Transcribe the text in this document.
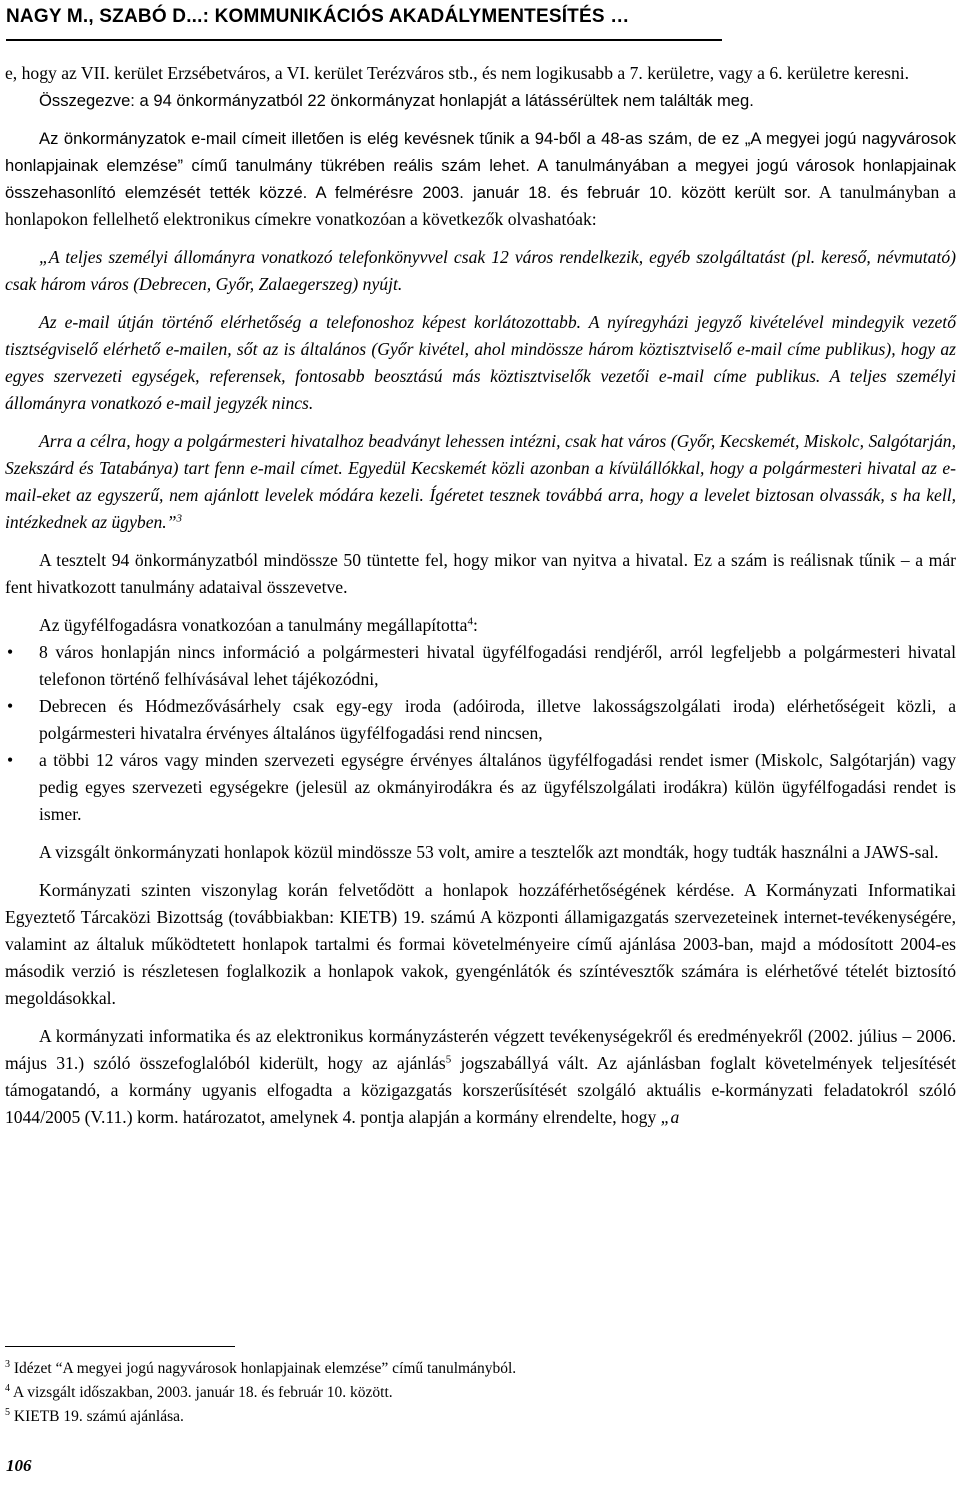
NAGY M., SZABÓ D...: KOMMUNIKÁCIÓS AKADÁLYMENTESÍTÉS …

e, hogy az VII. kerület Erzsébetváros, a VI. kerület Terézváros stb., és nem logikusabb a 7. kerületre, vagy a 6. kerületre keresni.

Összegezve: a 94 önkormányzatból 22 önkormányzat honlapját a látássérültek nem találták meg.

Az önkormányzatok e-mail címeit illetően is elég kevésnek tűnik a 94-ből a 48-as szám, de ez „A megyei jogú nagyvárosok honlapjainak elemzése” című tanulmány tükrében reális szám lehet. A tanulmányában a megyei jogú városok honlapjainak összehasonlító elemzését tették közzé. A felmérésre 2003. január 18. és február 10. között került sor. A tanulmányban a honlapokon fellelhető elektronikus címekre vonatkozóan a következők olvashatóak:

„A teljes személyi állományra vonatkozó telefonkönyvvel csak 12 város rendelkezik, egyéb szolgáltatást (pl. kereső, névmutató) csak három város (Debrecen, Győr, Zalaegerszeg) nyújt.

Az e-mail útján történő elérhetőség a telefonoshoz képest korlátozottabb. A nyíregyházi jegyző kivételével mindegyik vezető tisztségviselő elérhető e-mailen, sőt az is általános (Győr kivétel, ahol mindössze három köztisztviselő e-mail címe publikus), hogy az egyes szervezeti egységek, referensek, fontosabb beosztású más köztisztviselők vezetői e-mail címe publikus. A teljes személyi állományra vonatkozó e-mail jegyzék nincs.

Arra a célra, hogy a polgármesteri hivatalhoz beadványt lehessen intézni, csak hat város (Győr, Kecskemét, Miskolc, Salgótarján, Szekszárd és Tatabánya) tart fenn e-mail címet. Egyedül Kecskemét közli azonban a kívülállókkal, hogy a polgármesteri hivatal az e-mail-eket az egyszerű, nem ajánlott levelek módára kezeli. Ígéretet tesznek továbbá arra, hogy a levelet biztosan olvassák, s ha kell, intézkednek az ügyben.”$^3$

A tesztelt 94 önkormányzatból mindössze 50 tüntette fel, hogy mikor van nyitva a hivatal. Ez a szám is reálisnak tűnik – a már fent hivatkozott tanulmány adataival összevetve.

Az ügyfélfogadásra vonatkozóan a tanulmány megállapította$^4$:

• 8 város honlapján nincs információ a polgármesteri hivatal ügyfélfogadási rendjéről, arról legfeljebb a polgármesteri hivatal telefonon történő felhívásával lehet tájékozódni,
• Debrecen és Hódmezővásárhely csak egy-egy iroda (adóiroda, illetve lakosságszolgálati iroda) elérhetőségeit közli, a polgármesteri hivatalra érvényes általános ügyfélfogadási rend nincsen,
• a többi 12 város vagy minden szervezeti egységre érvényes általános ügyfélfogadási rendet ismer (Miskolc, Salgótarján) vagy pedig egyes szervezeti egységekre (jelesül az okmányirodákra és az ügyfélszolgálati irodákra) külön ügyfélfogadási rendet is ismer.

A vizsgált önkormányzati honlapok közül mindössze 53 volt, amire a tesztelők azt mondták, hogy tudták használni a JAWS-sal.

Kormányzati szinten viszonylag korán felvetődött a honlapok hozzáférhetőségének kérdése. A Kormányzati Informatikai Egyeztető Tárcaközi Bizottság (továbbiakban: KIETB) 19. számú A központi államigazgatás szervezeteinek internet-tevékenységére, valamint az általuk működtetett honlapok tartalmi és formai követelményeire című ajánlása 2003-ban, majd a módosított 2004-es második verzió is részletesen foglalkozik a honlapok vakok, gyengénlátók és színtévesztők számára is elérhetővé tételét biztosító megoldásokkal.

A kormányzati informatika és az elektronikus kormányzásterén végzett tevékenységekről és eredményekről (2002. július – 2006. május 31.) szóló összefoglalóból kiderült, hogy az ajánlás$^5$ jogszabállyá vált. Az ajánlásban foglalt követelmények teljesítését támogatandó, a kormány ugyanis elfogadta a közigazgatás korszerűsítését szolgáló aktuális e-kormányzati feladatokról szóló 1044/2005 (V.11.) korm. határozatot, amelynek 4. pontja alapján a kormány elrendelte, hogy „a

$^3$ Idézet “A megyei jogú nagyvárosok honlapjainak elemzése” című tanulmányból.

$^4$ A vizsgált időszakban, 2003. január 18. és február 10. között.

$^5$ KIETB 19. számú ajánlása.

106
